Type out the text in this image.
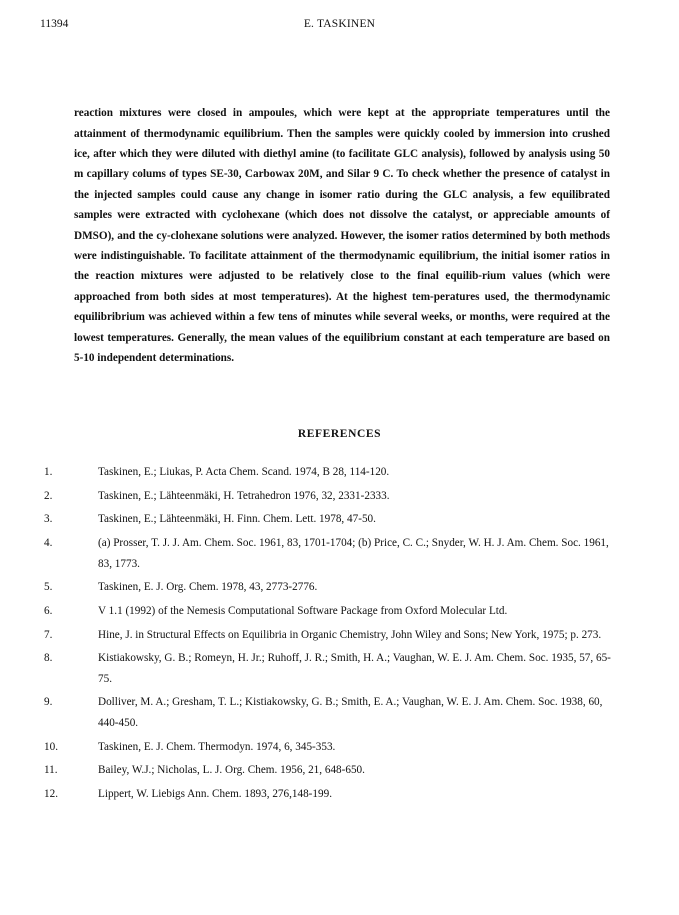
11394	E. TASKINEN

reaction mixtures were closed in ampoules, which were kept at the appropriate temperatures until the attainment of thermodynamic equilibrium. Then the samples were quickly cooled by immersion into crushed ice, after which they were diluted with diethyl amine (to facilitate GLC analysis), followed by analysis using 50 m capillary colums of types SE-30, Carbowax 20M, and Silar 9 C. To check whether the presence of catalyst in the injected samples could cause any change in isomer ratio during the GLC analysis, a few equilibrated samples were extracted with cyclohexane (which does not dissolve the catalyst, or appreciable amounts of DMSO), and the cy-clohexane solutions were analyzed. However, the isomer ratios determined by both methods were indistinguishable. To facilitate attainment of the thermodynamic equilibrium, the initial isomer ratios in the reaction mixtures were adjusted to be relatively close to the final equilib-rium values (which were approached from both sides at most temperatures). At the highest tem-peratures used, the thermodynamic equilibribrium was achieved within a few tens of minutes while several weeks, or months, were required at the lowest temperatures. Generally, the mean values of the equilibrium constant at each temperature are based on 5-10 independent determinations.

REFERENCES
1.	Taskinen, E.; Liukas, P. Acta Chem. Scand. 1974, B 28, 114-120.
2.	Taskinen, E.; Lähteenmäki, H. Tetrahedron 1976, 32, 2331-2333.
3.	Taskinen, E.; Lähteenmäki, H. Finn. Chem. Lett. 1978, 47-50.
4.	(a) Prosser, T. J. J. Am. Chem. Soc. 1961, 83, 1701-1704; (b) Price, C. C.; Snyder, W. H. J. Am. Chem. Soc. 1961, 83, 1773.
5.	Taskinen, E. J. Org. Chem. 1978, 43, 2773-2776.
6.	V 1.1 (1992) of the Nemesis Computational Software Package from Oxford Molecular Ltd.
7.	Hine, J. in Structural Effects on Equilibria in Organic Chemistry, John Wiley and Sons; New York, 1975; p. 273.
8.	Kistiakowsky, G. B.; Romeyn, H. Jr.; Ruhoff, J. R.; Smith, H. A.; Vaughan, W. E. J. Am. Chem. Soc. 1935, 57, 65-75.
9.	Dolliver, M. A.; Gresham, T. L.; Kistiakowsky, G. B.; Smith, E. A.; Vaughan, W. E. J. Am. Chem. Soc. 1938, 60, 440-450.
10.	Taskinen, E. J. Chem. Thermodyn. 1974, 6, 345-353.
11.	Bailey, W.J.; Nicholas, L. J. Org. Chem. 1956, 21, 648-650.
12.	Lippert, W. Liebigs Ann. Chem. 1893, 276,148-199.
